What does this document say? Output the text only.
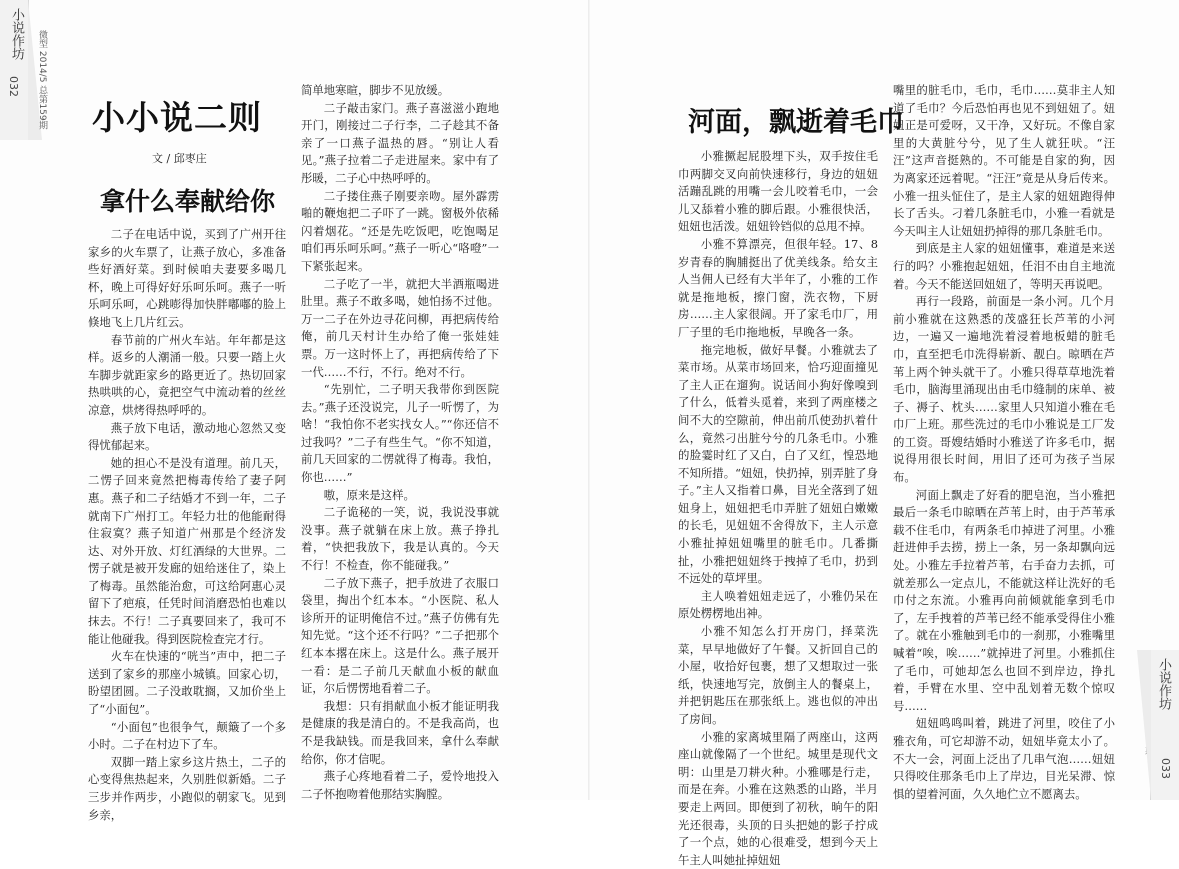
小说作坊
032 微型 2014/5 总第159期 小小说二则
文 / 邱枣庄
拿什么奉献给你

二子在电话中说，买到了广州开往家乡的火车票了，让燕子放心，多准备些好酒好菜。到时候咱夫妻要多喝几杯，晚上可得好好乐呵乐呵。燕子一听乐呵乐呵，心跳嘭得加快胖嘟嘟的脸上倏地飞上几片红云。

春节前的广州火车站。年年都是这样。返乡的人潮涌一般。只要一踏上火车脚步就距家乡的路更近了。热切回家热哄哄的心，竟把空气中流动着的丝丝凉意，烘烤得热呼呼的。

燕子放下电话，激动地心忽然又变得忧郁起来。

她的担心不是没有道理。前几天，二愣子回来竟然把梅毒传给了妻子阿惠。燕子和二子结婚才不到一年，二子就南下广州打工。年轻力壮的他能耐得住寂寞？燕子知道广州那是个经济发达、对外开放、灯红酒绿的大世界。二愣子就是被开发廊的妞给迷住了，染上了梅毒。虽然能治愈，可这给阿惠心灵留下了疤痕，任凭时间消磨恐怕也难以抹去。不行！二子真要回来了，我可不能让他碰我。得到医院检查完才行。

火车在快速的“咣当”声中，把二子送到了家乡的那座小城镇。回家心切，盼望团圆。二子没敢耽搁，又加价坐上了“小面包”。

“小面包”也很争气，颠簸了一个多小时。二子在村边下了车。

双脚一踏上家乡这片热土，二子的心变得焦热起来，久别胜似新婚。二子三步并作两步，小跑似的朝家飞。见到乡亲，

简单地寒暄，脚步不见放缓。

二子敲击家门。燕子喜滋滋小跑地开门，刚接过二子行李，二子趁其不备亲了一口燕子温热的唇。“别让人看见。”燕子拉着二子走进屋来。家中有了彤暖，二子心中热呼呼的。

二子搂住燕子刚要亲吻。屋外霹雳啪的鞭炮把二子吓了一跳。窗极外依稀闪着烟花。“还是先吃饭吧，吃饱喝足咱们再乐呵乐呵。”燕子一听心“咯噔”一下紧张起来。

二子吃了一半，就把大半酒瓶喝进肚里。燕子不敢多喝，她怕扬不过他。万一二子在外边寻花问柳，再把病传给俺，前几天村计生办给了俺一张娃娃票。万一这时怀上了，再把病传给了下一代……不行，不行。绝对不行。

“先别忙，二子明天我带你到医院去。”燕子还没说完，儿子一听愣了，为啥！“我怕你不老实找女人。”“你还信不过我吗？”二子有些生气。“你不知道，前几天回家的二愣就得了梅毒。我怕，你也……”

嗷，原来是这样。

二子诡秘的一笑，说，我说没事就没事。燕子就躺在床上放。燕子挣扎着，“快把我放下，我是认真的。今天不行！不检查，你不能碰我。”

二子放下燕子，把手放进了衣服口袋里，掏出个红本本。“小医院、私人诊所开的证明俺信不过。”燕子仿佛有先知先觉。“这个还不行吗？”二子把那个红本本撂在床上。这是什么。燕子展开一看：是二子前几天献血小板的献血证，尔后愣愣地看着二子。

我想：只有捐献血小板才能证明我是健康的我是清白的。不是我高尚，也不是我缺钱。而是我回来，拿什么奉献给你，你才信呢。

燕子心疼地看着二子，爱怜地投入二子怀抱吻着他那结实胸膛。

河面，飘逝着毛巾

小雅撅起屁股埋下头，双手按住毛巾两脚交叉向前快速移行，身边的妞妞活蹦乱跳的用嘴一会儿咬着毛巾，一会儿又舔着小雅的脚后跟。小雅很快活，妞妞也活泼。妞妞铃铛似的总甩不掉。

小雅不算漂亮，但很年轻。17、8岁青春的胸脯挺出了优美线条。给女主人当佣人已经有大半年了，小雅的工作就是拖地板，擦门窗，洗衣物，下厨房……主人家很阔。开了家毛巾厂，用厂子里的毛巾拖地板，早晚各一条。

拖完地板，做好早餐。小雅就去了菜市场。从菜市场回来，恰巧迎面撞见了主人正在遛狗。说话间小狗好像嗅到了什么，低着头觅着，来到了两座楼之间不大的空隙前，伸出前爪使劲扒着什么，竟然刁出脏兮兮的几条毛巾。小雅的脸霎时红了又白，白了又红，惶恐地不知所措。“妞妞，快扔掉，别弄脏了身子。”主人又指着口鼻，目光全落到了妞妞身上，妞妞把毛巾弄脏了妞妞白嫩嫩的长毛，见妞妞不舍得放下，主人示意小雅扯掉妞妞嘴里的脏毛巾。几番撕扯，小雅把妞妞终于拽掉了毛巾，扔到不远处的草坪里。

主人唤着妞妞走远了，小雅仍呆在原处楞楞地出神。

小雅不知怎么打开房门，择菜洗菜，早早地做好了午餐。又折回自己的小屋，收拾好包裹，想了又想取过一张纸，快速地写完，放倒主人的餐桌上，并把钥匙压在那张纸上。逃也似的冲出了房间。

小雅的家离城里隔了两座山，这两座山就像隔了一个世纪。城里是现代文明：山里是刀耕火种。小雅哪是行走，而是在奔。小雅在这熟悉的山路，半月要走上两回。即便到了初秋，晌午的阳光还很毒，头顶的日头把她的影子拧成了一个点，她的心很难受，想到今天上午主人叫她扯掉妞妞

嘴里的脏毛巾，毛巾，毛巾……莫非主人知道了毛巾？今后恐怕再也见不到妞妞了。妞妞正是可爱呀，又干净，又好玩。不像自家里的大黄脏兮兮，见了生人就狂吠。“汪汪”这声音挺熟的。不可能是自家的狗，因为离家还远着呢。“汪汪”竟是从身后传来。小雅一扭头怔住了，是主人家的妞妞跑得伸长了舌头。刁着几条脏毛巾，小雅一看就是今天叫主人让妞妞扔掉得的那几条脏毛巾。

到底是主人家的妞妞懂事，难道是来送行的吗？小雅抱起妞妞，任泪不由自主地流着。今天不能送回妞妞了，等明天再说吧。

再行一段路，前面是一条小河。几个月前小雅就在这熟悉的茂盛狂长芦苇的小河边，一遍又一遍地洗着浸着地板蜡的脏毛巾，直至把毛巾洗得崭新、靓白。晾晒在芦苇上两个钟头就干了。小雅只得草草地洗着毛巾，脑海里涌现出由毛巾缝制的床单、被子、褥子、枕头……家里人只知道小雅在毛巾厂上班。那些洗过的毛巾小雅说是工厂发的工资。哥嫂结婚时小雅送了许多毛巾，据说得用很长时间，用旧了还可为孩子当尿布。

河面上飘走了好看的肥皂泡，当小雅把最后一条毛巾晾晒在芦苇上时，由于芦苇承载不住毛巾，有两条毛巾掉进了河里。小雅赶进伸手去捞，捞上一条，另一条却飘向远处。小雅左手拉着芦苇，右手奋力去抓，可就差那么一定点儿，不能就这样让洗好的毛巾付之东流。小雅再向前倾就能拿到毛巾了，左手拽着的芦苇已经不能承受得住小雅了。就在小雅触到毛巾的一刹那，小雅嘴里喊着“唉，唉……”就掉进了河里。小雅抓住了毛巾，可她却怎么也回不到岸边，挣扎着，手臂在水里、空中乱划着无数个惊叹号……

妞妞鸣鸣叫着，跳进了河里，咬住了小雅衣角，可它却游不动，妞妞毕竟太小了。不大一会，河面上泛出了几串气泡……妞妞只得咬住那条毛巾上了岸边，目光呆滞、惊惧的望着河面，久久地伫立不愿离去。

小说作坊
033
